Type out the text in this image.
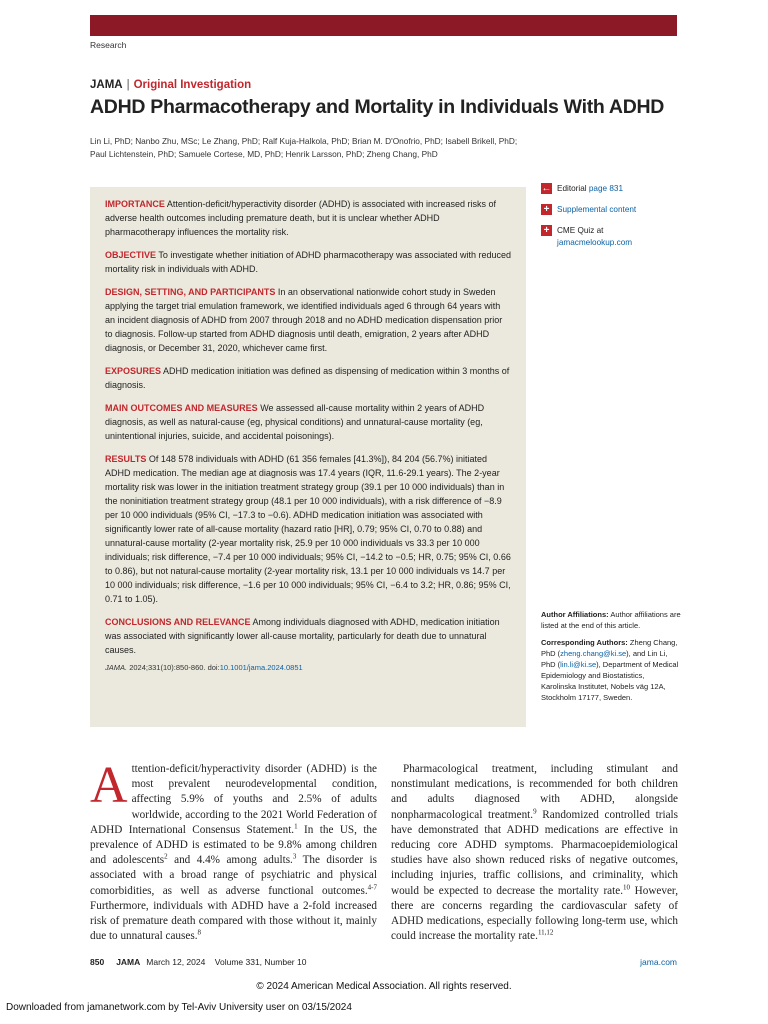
Research
JAMA | Original Investigation
ADHD Pharmacotherapy and Mortality in Individuals With ADHD
Lin Li, PhD; Nanbo Zhu, MSc; Le Zhang, PhD; Ralf Kuja-Halkola, PhD; Brian M. D'Onofrio, PhD; Isabell Brikell, PhD;
Paul Lichtenstein, PhD; Samuele Cortese, MD, PhD; Henrik Larsson, PhD; Zheng Chang, PhD

IMPORTANCE Attention-deficit/hyperactivity disorder (ADHD) is associated with increased risks of adverse health outcomes including premature death, but it is unclear whether ADHD pharmacotherapy influences the mortality risk.

OBJECTIVE To investigate whether initiation of ADHD pharmacotherapy was associated with reduced mortality risk in individuals with ADHD.

DESIGN, SETTING, AND PARTICIPANTS In an observational nationwide cohort study in Sweden applying the target trial emulation framework, we identified individuals aged 6 through 64 years with an incident diagnosis of ADHD from 2007 through 2018 and no ADHD medication dispensation prior to diagnosis. Follow-up started from ADHD diagnosis until death, emigration, 2 years after ADHD diagnosis, or December 31, 2020, whichever came first.

EXPOSURES ADHD medication initiation was defined as dispensing of medication within 3 months of diagnosis.

MAIN OUTCOMES AND MEASURES We assessed all-cause mortality within 2 years of ADHD diagnosis, as well as natural-cause (eg, physical conditions) and unnatural-cause mortality (eg, unintentional injuries, suicide, and accidental poisonings).

RESULTS Of 148 578 individuals with ADHD (61 356 females [41.3%]), 84 204 (56.7%) initiated ADHD medication. The median age at diagnosis was 17.4 years (IQR, 11.6-29.1 years). The 2-year mortality risk was lower in the initiation treatment strategy group (39.1 per 10 000 individuals) than in the noninitiation treatment strategy group (48.1 per 10 000 individuals), with a risk difference of −8.9 per 10 000 individuals (95% CI, −17.3 to −0.6). ADHD medication initiation was associated with significantly lower rate of all-cause mortality (hazard ratio [HR], 0.79; 95% CI, 0.70 to 0.88) and unnatural-cause mortality (2-year mortality risk, 25.9 per 10 000 individuals vs 33.3 per 10 000 individuals; risk difference, −7.4 per 10 000 individuals; 95% CI, −14.2 to −0.5; HR, 0.75; 95% CI, 0.66 to 0.86), but not natural-cause mortality (2-year mortality risk, 13.1 per 10 000 individuals vs 14.7 per 10 000 individuals; risk difference, −1.6 per 10 000 individuals; 95% CI, −6.4 to 3.2; HR, 0.86; 95% CI, 0.71 to 1.05).

CONCLUSIONS AND RELEVANCE Among individuals diagnosed with ADHD, medication initiation was associated with significantly lower all-cause mortality, particularly for death due to unnatural causes.

JAMA. 2024;331(10):850-860. doi:10.1001/jama.2024.0851

← Editorial page 831
+ Supplemental content
+ CME Quiz at
jamacmelookup.com
Author Affiliations: Author affiliations are listed at the end of this article.
Corresponding Authors: Zheng Chang, PhD (zheng.chang@ki.se), and Lin Li, PhD (lin.li@ki.se), Department of Medical Epidemiology and Biostatistics, Karolinska Institutet, Nobels väg 12A, Stockholm 17177, Sweden.
Attention-deficit/hyperactivity disorder (ADHD) is the most prevalent neurodevelopmental condition, affecting 5.9% of youths and 2.5% of adults worldwide, according to the 2021 World Federation of ADHD International Consensus Statement.$^1$ In the US, the prevalence of ADHD is estimated to be 9.8% among children and adolescents$^2$ and 4.4% among adults.$^3$ The disorder is associated with a broad range of psychiatric and physical comorbidities, as well as adverse functional outcomes.$^{4-7}$ Furthermore, individuals with ADHD have a 2-fold increased risk of premature death compared with those without it, mainly due to unnatural causes.$^8$
Pharmacological treatment, including stimulant and nonstimulant medications, is recommended for both children and adults diagnosed with ADHD, alongside nonpharmacological treatment.$^9$ Randomized controlled trials have demonstrated that ADHD medications are effective in reducing core ADHD symptoms. Pharmacoepidemiological studies have also shown reduced risks of negative outcomes, including injuries, traffic collisions, and criminality, which would be expected to decrease the mortality rate.$^{10}$ However, there are concerns regarding the cardiovascular safety of ADHD medications, especially following long-term use, which could increase the mortality rate.$^{11,12}$
850 JAMA March 12, 2024    Volume 331, Number 10	jama.com
© 2024 American Medical Association. All rights reserved.
Downloaded from jamanetwork.com by Tel-Aviv University user on 03/15/2024
